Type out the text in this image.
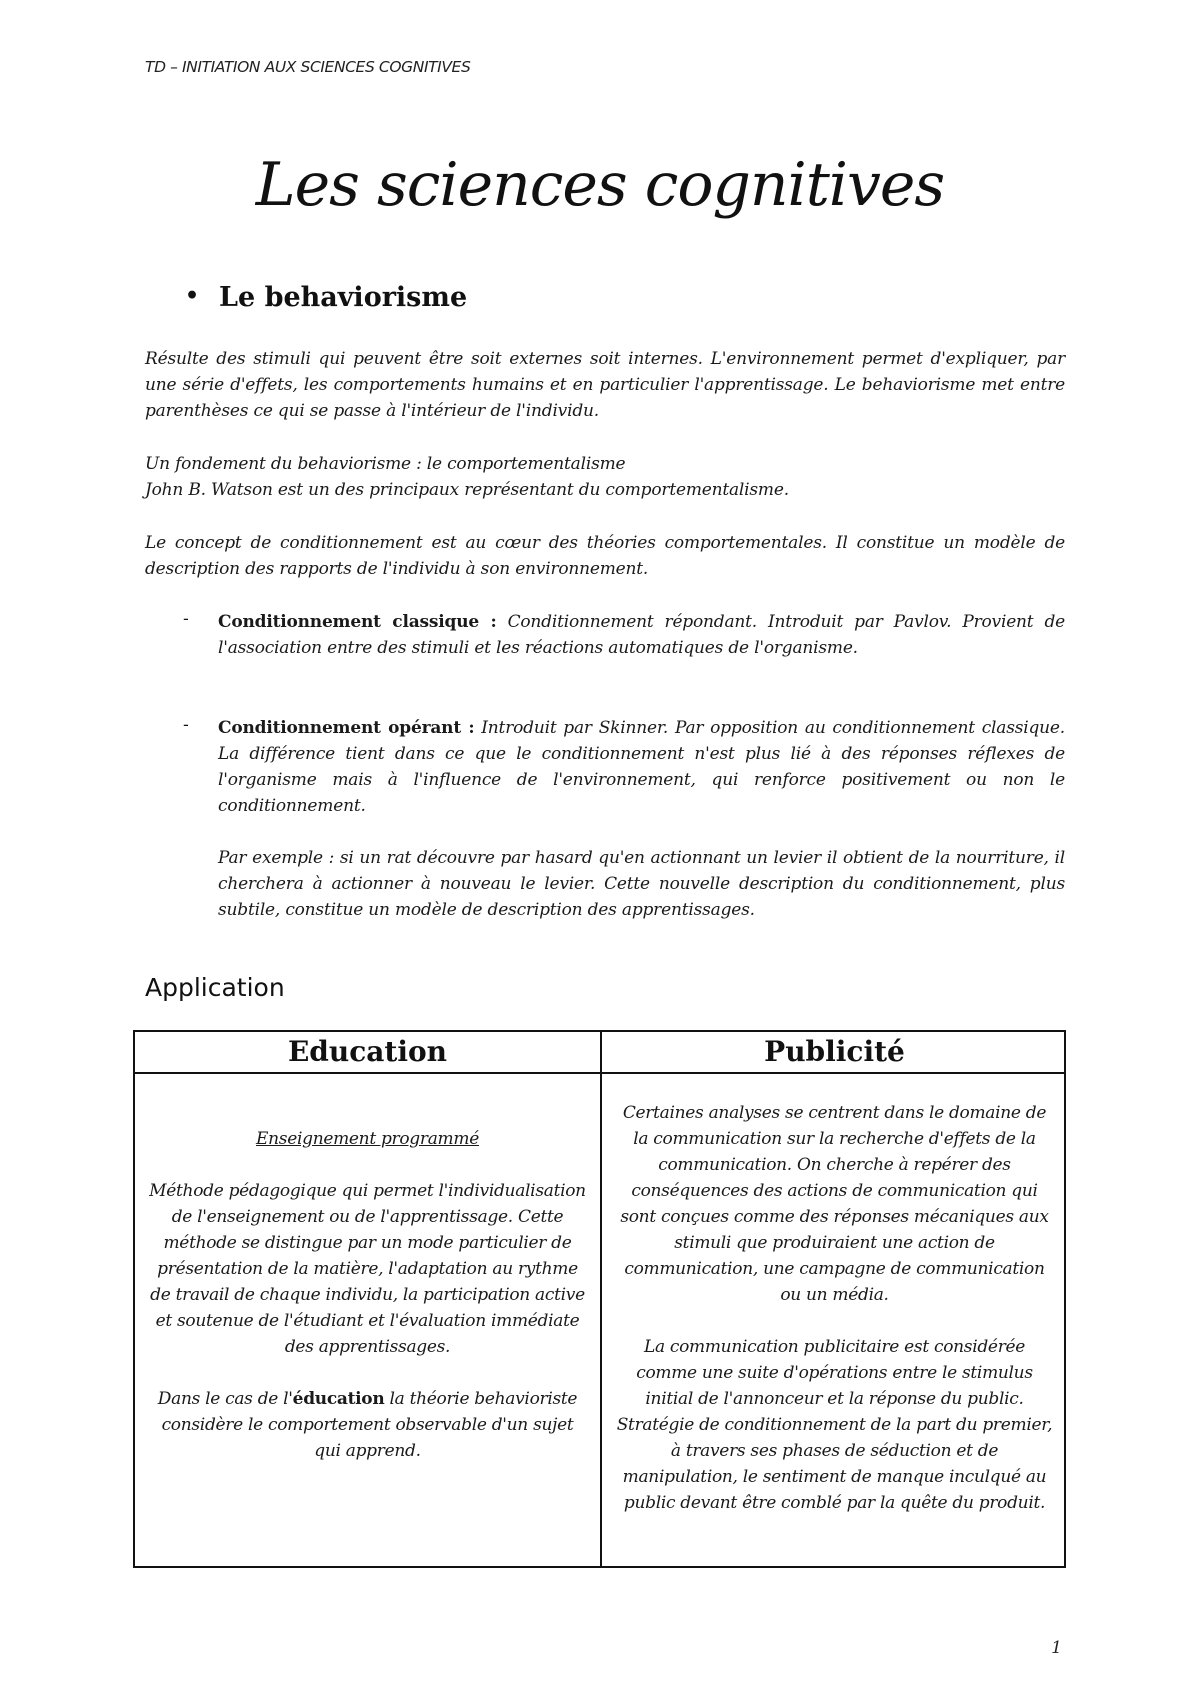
TD – INITIATION AUX SCIENCES COGNITIVES
Les sciences cognitives
• Le behaviorisme
Résulte des stimuli qui peuvent être soit externes soit internes. L'environnement permet d'expliquer, par une série d'effets, les comportements humains et en particulier l'apprentissage. Le behaviorisme met entre parenthèses ce qui se passe à l'intérieur de l'individu.
Un fondement du behaviorisme : le comportementalisme
John B. Watson est un des principaux représentant du comportementalisme.
Le concept de conditionnement est au cœur des théories comportementales. Il constitue un modèle de description des rapports de l'individu à son environnement.
- Conditionnement classique : Conditionnement répondant. Introduit par Pavlov. Provient de l'association entre des stimuli et les réactions automatiques de l'organisme.
- Conditionnement opérant : Introduit par Skinner. Par opposition au conditionnement classique. La différence tient dans ce que le conditionnement n'est plus lié à des réponses réflexes de l'organisme mais à l'influence de l'environnement, qui renforce positivement ou non le conditionnement.
Par exemple : si un rat découvre par hasard qu'en actionnant un levier il obtient de la nourriture, il cherchera à actionner à nouveau le levier. Cette nouvelle description du conditionnement, plus subtile, constitue un modèle de description des apprentissages.
Application
Education	Publicité

Enseignement programmé

Méthode pédagogique qui permet l'individualisation de l'enseignement ou de l'apprentissage. Cette méthode se distingue par un mode particulier de présentation de la matière, l'adaptation au rythme de travail de chaque individu, la participation active et soutenue de l'étudiant et l'évaluation immédiate des apprentissages.

Dans le cas de l'éducation la théorie behavioriste considère le comportement observable d'un sujet qui apprend.

Certaines analyses se centrent dans le domaine de la communication sur la recherche d'effets de la communication. On cherche à repérer des conséquences des actions de communication qui sont conçues comme des réponses mécaniques aux stimuli que produiraient une action de communication, une campagne de communication ou un média.

La communication publicitaire est considérée comme une suite d'opérations entre le stimulus initial de l'annonceur et la réponse du public. Stratégie de conditionnement de la part du premier, à travers ses phases de séduction et de manipulation, le sentiment de manque inculqué au public devant être comblé par la quête du produit.

1
